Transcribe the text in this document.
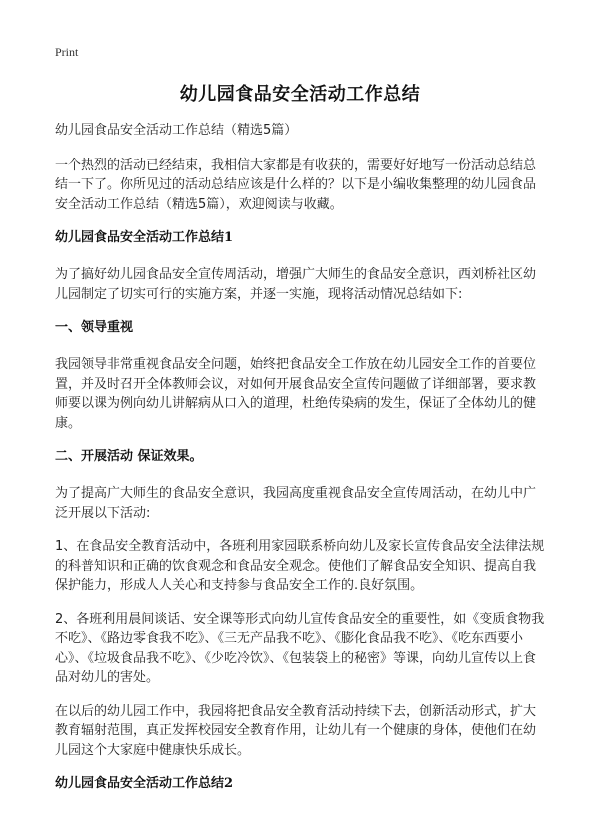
Print
幼儿园食品安全活动工作总结

幼儿园食品安全活动工作总结（精选5篇）

一个热烈的活动已经结束，我相信大家都是有收获的，需要好好地写一份活动总结总结一下了。你所见过的活动总结应该是什么样的？以下是小编收集整理的幼儿园食品安全活动工作总结（精选5篇），欢迎阅读与收藏。

幼儿园食品安全活动工作总结1

为了搞好幼儿园食品安全宣传周活动，增强广大师生的食品安全意识，西刘桥社区幼儿园制定了切实可行的实施方案，并逐一实施，现将活动情况总结如下:

一、领导重视

我园领导非常重视食品安全问题，始终把食品安全工作放在幼儿园安全工作的首要位置，并及时召开全体教师会议，对如何开展食品安全宣传问题做了详细部署，要求教师要以课为例向幼儿讲解病从口入的道理，杜绝传染病的发生，保证了全体幼儿的健康。

二、开展活动 保证效果。

为了提高广大师生的食品安全意识，我园高度重视食品安全宣传周活动，在幼儿中广泛开展以下活动:

1、在食品安全教育活动中，各班利用家园联系桥向幼儿及家长宣传食品安全法律法规的科普知识和正确的饮食观念和食品安全观念。使他们了解食品安全知识、提高自我保护能力，形成人人关心和支持参与食品安全工作的.良好氛围。

2、各班利用晨间谈话、安全课等形式向幼儿宣传食品安全的重要性，如《变质食物我不吃》、《路边零食我不吃》、《三无产品我不吃》、《膨化食品我不吃》、《吃东西要小心》、《垃圾食品我不吃》、《少吃冷饮》、《包装袋上的秘密》等课，向幼儿宣传以上食品对幼儿的害处。

在以后的幼儿园工作中，我园将把食品安全教育活动持续下去，创新活动形式，扩大教育辐射范围，真正发挥校园安全教育作用，让幼儿有一个健康的身体，使他们在幼儿园这个大家庭中健康快乐成长。

幼儿园食品安全活动工作总结2
